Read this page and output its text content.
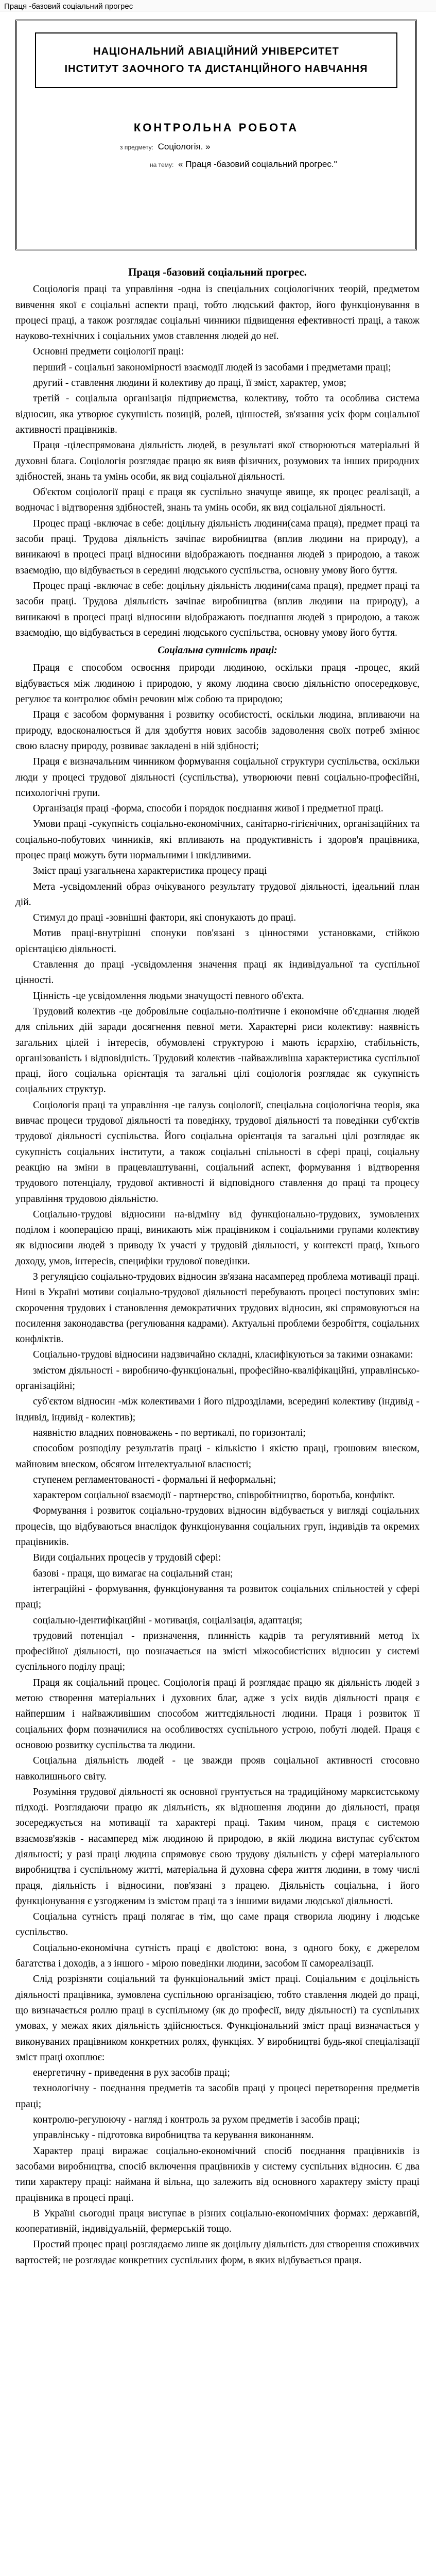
Праця -базовий соціальний прогрес
НАЦІОНАЛЬНИЙ АВІАЦІЙНИЙ УНІВЕРСИТЕТ
ІНСТИТУТ ЗАОЧНОГО ТА ДИСТАНЦІЙНОГО НАВЧАННЯ
КОНТРОЛЬНА РОБОТА
з предмету: Соціологія. »
на тему: « Праця -базовий соціальний прогрес."

Праця -базовий соціальний прогрес.

Соціологія праці та управління -одна із спеціальних соціологічних теорій, предметом вивчення якої є соціальні аспекти праці, тобто людський фактор, його функціонування в процесі праці, а також розглядає соціальні чинники підвищення ефективності праці, а також науково-технічних і соціальних умов ставлення людей до неї.

Основні предмети соціології праці:

перший - соціальні закономірності взаємодії людей із засобами і предметами праці;

другий - ставлення людини й колективу до праці, її зміст, характер, умов;

третій - соціальна організація підприємства, колективу, тобто та особлива система відносин, яка утворює сукупність позицій, ролей, цінностей, зв'язання усіх форм соціальної активності працівників.

Праця -цілеспрямована діяльність людей, в результаті якої створюються матеріальні й духовні блага. Соціологія розглядає працю як вияв фізичних, розумових та інших природних здібностей, знань та умінь особи, як вид соціальної діяльності.

Об'єктом соціології праці є праця як суспільно значуще явище, як процес реалізації, а водночас і відтворення здібностей, знань та умінь особи, як вид соціальної діяльності.

Процес праці -включає в себе: доцільну діяльність людини(сама праця), предмет праці та засоби праці. Трудова діяльність зачіпає виробництва (вплив людини на природу), а виникаючі в процесі праці відносини відображають поєднання людей з природою, а також взаємодію, що відбувається в середині людського суспільства, основну умову його буття.

Процес праці -включає в себе: доцільну діяльність людини(сама праця), предмет праці та засоби праці. Трудова діяльність зачіпає виробництва (вплив людини на природу), а виникаючі в процесі праці відносини відображають поєднання людей з природою, а також взаємодію, що відбувається в середині людського суспільства, основну умову його буття.

Соціальна сутність праці:

Праця є способом освоєння природи людиною, оскільки праця -процес, який відбувається між людиною і природою, у якому людина своєю діяльністю опосередковує, регулює та контролює обмін речовин між собою та природою;

Праця є засобом формування і розвитку особистості, оскільки людина, впливаючи на природу, вдосконалюється й для здобуття нових засобів задоволення своїх потреб змінює свою власну природу, розвиває закладені в ній здібності;

Праця є визначальним чинником формування соціальної структури суспільства, оскільки люди у процесі трудової діяльності (суспільства), утворюючи певні соціально-професійні, психологічні групи.

Організація праці -форма, способи і порядок поєднання живої і предметної праці.

Умови праці -сукупність соціально-економічних, санітарно-гігієнічних, організаційних та соціально-побутових чинників, які впливають на продуктивність і здоров'я працівника, процес праці можуть бути нормальними і шкідливими.

Зміст праці узагальнена характеристика процесу праці

Мета -усвідомлений образ очікуваного результату трудової діяльності, ідеальний план дій.

Стимул до праці -зовнішні фактори, які спонукають до праці.

Мотив праці-внутрішні спонуки пов'язані з цінностями установками, стійкою орієнтацією діяльності.

Ставлення до праці -усвідомлення значення праці як індивідуальної та суспільної цінності.

Цінність -це усвідомлення людьми значущості певного об'єкта.

Трудовий колектив -це добровільне соціально-політичне і економічне об'єднання людей для спільних дій заради досягнення певної мети. Характерні риси колективу: наявність загальних цілей і інтересів, обумовлені структурою і мають ієрархію, стабільність, організованість і відповідність. Трудовий колектив -найважливіша характеристика суспільної праці, його соціальна орієнтація та загальні цілі соціологія розглядає як сукупність соціальних структур.

Соціологія праці та управління -це галузь соціології, спеціальна соціологічна теорія, яка вивчає процеси трудової діяльності та поведінку, трудової діяльності та поведінки суб'єктів трудової діяльності суспільства. Його соціальна орієнтація та загальні цілі розглядає як сукупність соціальних інститути, а також соціальні спільності в сфері праці, соціальну реакцію на зміни в працевлаштуванні, соціальний аспект, формування і відтворення трудового потенціалу, трудової активності й відповідного ставлення до праці та процесу управління трудовою діяльністю.

Соціально-трудові відносини на-відміну від функціонально-трудових, зумовлених поділом і кооперацією праці, виникають між працівником і соціальними групами колективу як відносини людей з приводу їх участі у трудовій діяльності, у контексті праці, їхнього доходу, умов, інтересів, специфіки трудової поведінки.

З регуляцією соціально-трудових відносин зв'язана насамперед проблема мотивації праці. Нині в Україні мотиви соціально-трудової діяльності перебувають процесі поступових змін: скорочення трудових і становлення демократичних трудових відносин, які спрямовуються на посилення законодавства (регулювання кадрами). Актуальні проблеми безробіття, соціальних конфліктів.

Соціально-трудові відносини надзвичайно складні, класифікуються за такими ознаками:

змістом діяльності - виробничо-функціональні, професійно-кваліфікаційні, управлінсько-організаційні;

суб'єктом відносин -між колективами і його підрозділами, всередині колективу (індивід - індивід, індивід - колектив);

наявністю владних повноважень - по вертикалі, по горизонталі;

способом розподілу результатів праці - кількістю і якістю праці, грошовим внеском, майновим внеском, обсягом інтелектуальної власності;

ступенем регламентованості - формальні й неформальні;

характером соціальної взаємодії - партнерство, співробітництво, боротьба, конфлікт.

Формування і розвиток соціально-трудових відносин відбувається у вигляді соціальних процесів, що відбуваються внаслідок функціонування соціальних груп, індивідів та окремих працівників.

Види соціальних процесів у трудовій сфері:

базові - праця, що вимагає на соціальний стан;

інтеграційні - формування, функціонування та розвиток соціальних спільностей у сфері праці;

соціально-ідентифікаційні - мотивація, соціалізація, адаптація;

трудовий потенціал - призначення, плинність кадрів та регулятивний метод їх професійної діяльності, що позначається на змісті міжособистісних відносин у системі суспільного поділу праці;

Праця як соціальний процес. Соціологія праці й розглядає працю як діяльність людей з метою створення матеріальних і духовних благ, адже з усіх видів діяльності праця є найпершим і найважливішим способом життєдіяльності людини. Праця і розвиток її соціальних форм позначилися на особливостях суспільного устрою, побуті людей. Праця є основою розвитку суспільства та людини.

Соціальна діяльність людей - це зважди прояв соціальної активності стосовно навколишнього світу.

Розуміння трудової діяльності як основної грунтується на традиційному марксистському підході. Розглядаючи працю як діяльність, як відношення людини до діяльності, праця зосереджується на мотивації та характері праці. Таким чином, праця є системою взаємозв'язків - насамперед між людиною й природою, в якій людина виступає суб'єктом діяльності; у разі праці людина спрямовує свою трудову діяльність у сфері матеріального виробництва і суспільному житті, матеріальна й духовна сфера життя людини, в тому числі праця, діяльність і відносини, пов'язані з працею. Діяльність соціальна, і його функціонування є узгодженим із змістом праці та з іншими видами людської діяльності.

Соціальна сутність праці полягає в тім, що саме праця створила людину і людське суспільство.

Соціально-економічна сутність праці є двоїстою: вона, з одного боку, є джерелом багатства і доходів, а з іншого - мірою поведінки людини, засобом її самореалізації.

Слід розрізняти соціальний та функціональний зміст праці. Соціальним є доцільність діяльності працівника, зумовлена суспільною організацією, тобто ставлення людей до праці, що визначається роллю праці в суспільному (як до професії, виду діяльності) та суспільних умовах, у межах яких діяльність здійснюється. Функціональний зміст праці визначається у виконуваних працівником конкретних ролях, функціях. У виробництві будь-якої спеціалізації зміст праці охоплює:

енергетичну - приведення в рух засобів праці;

технологічну - поєднання предметів та засобів праці у процесі перетворення предметів праці;

контролю-регулюючу - нагляд і контроль за рухом предметів і засобів праці;

управлінську - підготовка виробництва та керування виконанням.

Характер праці виражає соціально-економічний спосіб поєднання працівників із засобами виробництва, спосіб включення працівників у систему суспільних відносин. Є два типи характеру праці: наймана й вільна, що залежить від основного характеру змісту праці працівника в процесі праці.

В Україні сьогодні праця виступає в різних соціально-економічних формах: державній, кооперативній, індивідуальній, фермерській тощо.

Простий процес праці розглядаємо лише як доцільну діяльність для створення споживчих вартостей; не розглядає конкретних суспільних форм, в яких відбувається праця.
